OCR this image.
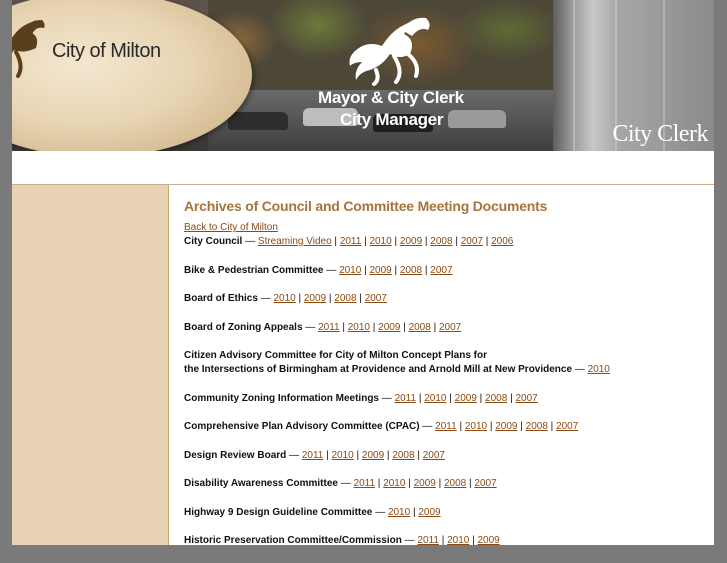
City of Milton
Mayor & City Clerk
City Manager
City Clerk
Archives of Council and Committee Meeting Documents
Back to City of Milton
City Council — Streaming Video | 2011 | 2010 | 2009 | 2008 | 2007 | 2006
Bike & Pedestrian Committee — 2010 | 2009 | 2008 | 2007
Board of Ethics — 2010 | 2009 | 2008 | 2007
Board of Zoning Appeals — 2011 | 2010 | 2009 | 2008 | 2007
Citizen Advisory Committee for City of Milton Concept Plans for
the Intersections of Birmingham at Providence and Arnold Mill at New Providence — 2010
Community Zoning Information Meetings — 2011 | 2010 | 2009 | 2008 | 2007
Comprehensive Plan Advisory Committee (CPAC) — 2011 | 2010 | 2009 | 2008 | 2007
Design Review Board — 2011 | 2010 | 2009 | 2008 | 2007
Disability Awareness Committee — 2011 | 2010 | 2009 | 2008 | 2007
Highway 9 Design Guideline Committee — 2010 | 2009
Historic Preservation Committee/Commission — 2011 | 2010 | 2009
